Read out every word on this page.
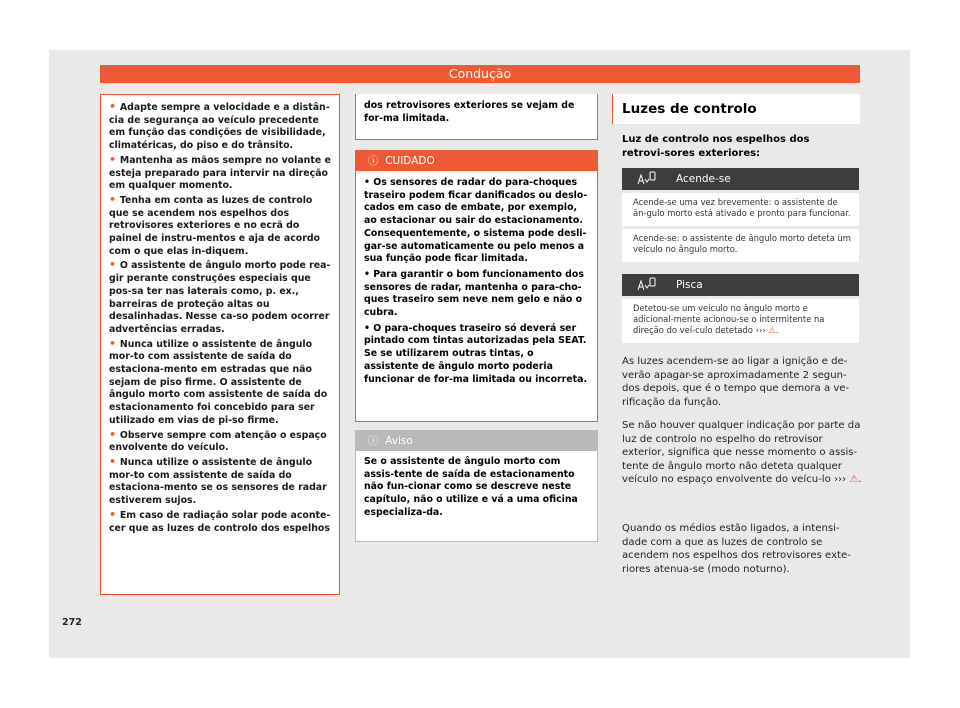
Condução
• Adapte sempre a velocidade e a distân-cia de segurança ao veículo precedente em função das condições de visibilidade, climatéricas, do piso e do trânsito.
• Mantenha as mãos sempre no volante e esteja preparado para intervir na direção em qualquer momento.
• Tenha em conta as luzes de controlo que se acendem nos espelhos dos retrovisores exteriores e no ecrã do painel de instru-mentos e aja de acordo com o que elas in-diquem.
• O assistente de ângulo morto pode rea-gir perante construções especiais que pos-sa ter nas laterais como, p. ex., barreiras de proteção altas ou desalinhadas. Nesse ca-so podem ocorrer advertências erradas.
• Nunca utilize o assistente de ângulo mor-to com assistente de saída do estaciona-mento em estradas que não sejam de piso firme. O assistente de ângulo morto com assistente de saída do estacionamento foi concebido para ser utilizado em vias de pi-so firme.
• Observe sempre com atenção o espaço envolvente do veículo.
• Nunca utilize o assistente de ângulo mor-to com assistente de saída do estaciona-mento se os sensores de radar estiverem sujos.
• Em caso de radiação solar pode aconte-cer que as luzes de controlo dos espelhos
dos retrovisores exteriores se vejam de for-ma limitada.
ⓘ CUIDADO
• Os sensores de radar do para-choques traseiro podem ficar danificados ou deslo-cados em caso de embate, por exemplo, ao estacionar ou sair do estacionamento. Consequentemente, o sistema pode desli-gar-se automaticamente ou pelo menos a sua função pode ficar limitada.
• Para garantir o bom funcionamento dos sensores de radar, mantenha o para-cho-ques traseiro sem neve nem gelo e não o cubra.
• O para-choques traseiro só deverá ser pintado com tintas autorizadas pela SEAT. Se se utilizarem outras tintas, o assistente de ângulo morto poderia funcionar de for-ma limitada ou incorreta.
ⓘ Aviso
Se o assistente de ângulo morto com assis-tente de saída de estacionamento não fun-cionar como se descreve neste capítulo, não o utilize e vá a uma oficina especializa-da.
Luzes de controlo
Luz de controlo nos espelhos dos retrovi-sores exteriores:
Acende-se
Acende-se uma vez brevemente: o assistente de ân-gulo morto está ativado e pronto para funcionar.
Acende-se: o assistente de ângulo morto deteta um veículo no ângulo morto.
Pisca
Detetou-se um veículo no ângulo morto e adicional-mente acionou-se o intermitente na direção do veí-culo detetado ››› ⚠.
As luzes acendem-se ao ligar a ignição e de-verão apagar-se aproximadamente 2 segun-dos depois, que é o tempo que demora a ve-rificação da função.
Se não houver qualquer indicação por parte da luz de controlo no espelho do retrovisor exterior, significa que nesse momento o assis-tente de ângulo morto não deteta qualquer veículo no espaço envolvente do veícu-lo ››› ⚠.
Quando os médios estão ligados, a intensi-dade com a que as luzes de controlo se acendem nos espelhos dos retrovisores exte-riores atenua-se (modo noturno).
272
